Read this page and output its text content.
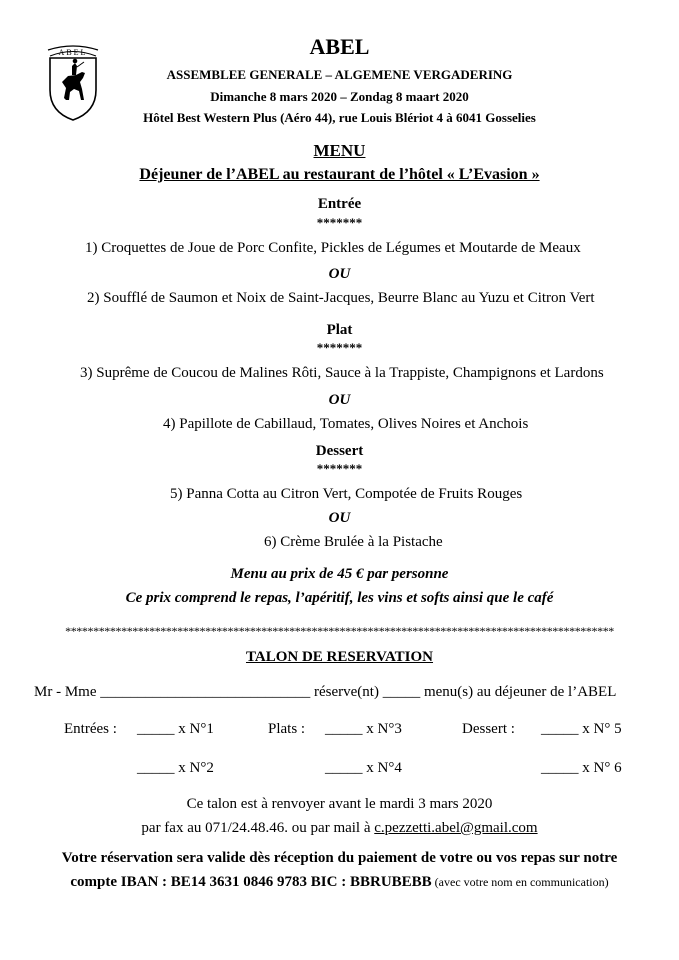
ABEL	ABEL
ASSEMBLEE GENERALE – ALGEMENE VERGADERING
Dimanche 8 mars 2020 – Zondag 8 maart 2020
Hôtel Best Western Plus (Aéro 44), rue Louis Blériot 4 à 6041 Gosselies
MENU
Déjeuner de l’ABEL au restaurant de l’hôtel « L’Evasion »
Entrée
*******
1) Croquettes de Joue de Porc Confite, Pickles de Légumes et Moutarde de Meaux
OU
2) Soufflé de Saumon et Noix de Saint-Jacques, Beurre Blanc au Yuzu et Citron Vert
Plat
*******
3) Suprême de Coucou de Malines Rôti, Sauce à la Trappiste, Champignons et Lardons
OU
4) Papillote de Cabillaud, Tomates, Olives Noires et Anchois
Dessert
*******
5) Panna Cotta au Citron Vert, Compotée de Fruits Rouges
OU
6) Crème Brulée à la Pistache
Menu au prix de 45 € par personne
Ce prix comprend le repas, l’apéritif, les vins et softs ainsi que le café
**************************************************************************************************
TALON DE RESERVATION
Mr - Mme ____________________________ réserve(nt) _____ menu(s) au déjeuner de l’ABEL
Entrées : _____ x N°1	Plats : _____ x N°3	Dessert : _____ x N° 5
_____ x N°2	_____ x N°4	_____ x N° 6
Ce talon est à renvoyer avant le mardi 3 mars 2020
par fax au 071/24.48.46. ou par mail à c.pezzetti.abel@gmail.com
Votre réservation sera valide dès réception du paiement de votre ou vos repas sur notre
compte IBAN : BE14 3631 0846 9783 BIC : BBRUBEBB (avec votre nom en communication)
